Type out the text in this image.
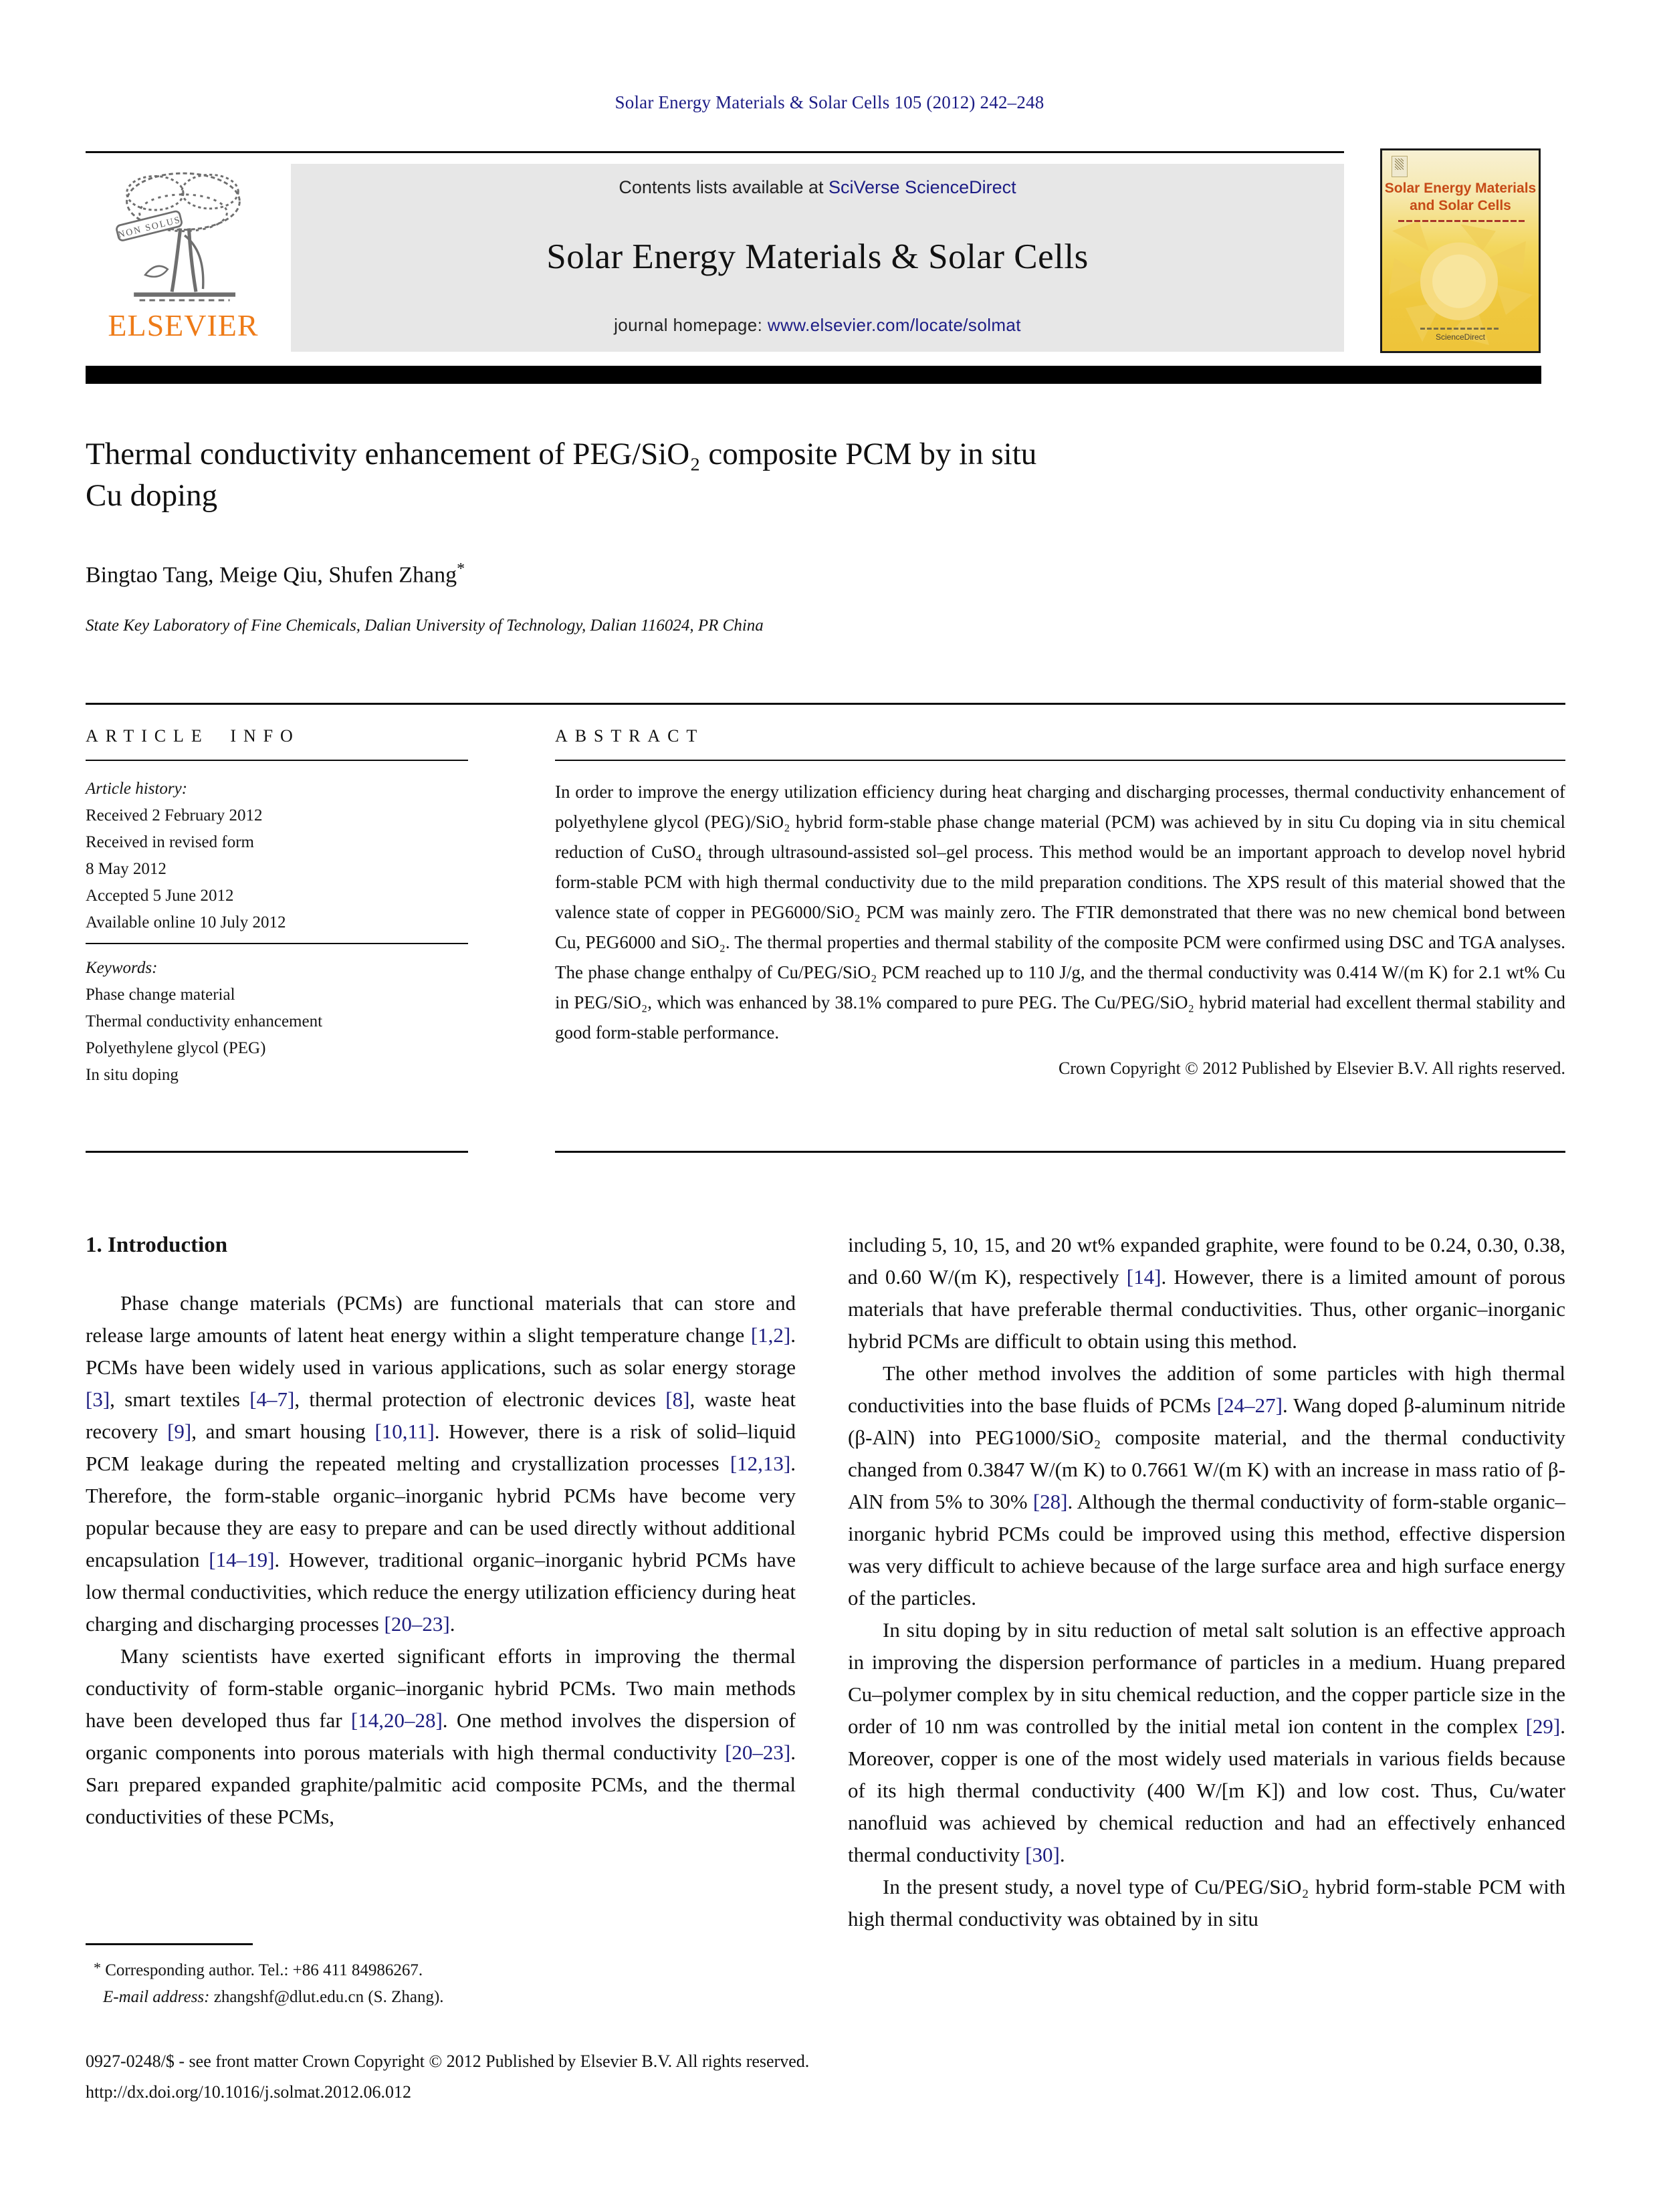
Solar Energy Materials & Solar Cells 105 (2012) 242–248
NON SOLUS
ELSEVIER
Contents lists available at SciVerse ScienceDirect
Solar Energy Materials & Solar Cells
journal homepage: www.elsevier.com/locate/solmat
Solar Energy Materials
and Solar Cells
ScienceDirect
Thermal conductivity enhancement of PEG/SiO₂ composite PCM by in situ
Cu doping
Bingtao Tang, Meige Qiu, Shufen Zhang*
State Key Laboratory of Fine Chemicals, Dalian University of Technology, Dalian 116024, PR China
ARTICLE INFO
Article history:
Received 2 February 2012
Received in revised form
8 May 2012
Accepted 5 June 2012
Available online 10 July 2012
Keywords:
Phase change material
Thermal conductivity enhancement
Polyethylene glycol (PEG)
In situ doping
ABSTRACT
In order to improve the energy utilization efficiency during heat charging and discharging processes, thermal conductivity enhancement of polyethylene glycol (PEG)/SiO₂ hybrid form-stable phase change material (PCM) was achieved by in situ Cu doping via in situ chemical reduction of CuSO₄ through ultrasound-assisted sol–gel process. This method would be an important approach to develop novel hybrid form-stable PCM with high thermal conductivity due to the mild preparation conditions. The XPS result of this material showed that the valence state of copper in PEG6000/SiO₂ PCM was mainly zero. The FTIR demonstrated that there was no new chemical bond between Cu, PEG6000 and SiO₂. The thermal properties and thermal stability of the composite PCM were confirmed using DSC and TGA analyses. The phase change enthalpy of Cu/PEG/SiO₂ PCM reached up to 110 J/g, and the thermal conductivity was 0.414 W/(m K) for 2.1 wt% Cu in PEG/SiO₂, which was enhanced by 38.1% compared to pure PEG. The Cu/PEG/SiO₂ hybrid material had excellent thermal stability and good form-stable performance.
Crown Copyright © 2012 Published by Elsevier B.V. All rights reserved.
1. Introduction

Phase change materials (PCMs) are functional materials that can store and release large amounts of latent heat energy within a slight temperature change [1,2]. PCMs have been widely used in various applications, such as solar energy storage [3], smart textiles [4–7], thermal protection of electronic devices [8], waste heat recovery [9], and smart housing [10,11]. However, there is a risk of solid–liquid PCM leakage during the repeated melting and crystallization processes [12,13]. Therefore, the form-stable organic–inorganic hybrid PCMs have become very popular because they are easy to prepare and can be used directly without additional encapsulation [14–19]. However, traditional organic–inorganic hybrid PCMs have low thermal conductivities, which reduce the energy utilization efficiency during heat charging and discharging processes [20–23].

Many scientists have exerted significant efforts in improving the thermal conductivity of form-stable organic–inorganic hybrid PCMs. Two main methods have been developed thus far [14,20–28]. One method involves the dispersion of organic components into porous materials with high thermal conductivity [20–23]. Sarı prepared expanded graphite/palmitic acid composite PCMs, and the thermal conductivities of these PCMs,

including 5, 10, 15, and 20 wt% expanded graphite, were found to be 0.24, 0.30, 0.38, and 0.60 W/(m K), respectively [14]. However, there is a limited amount of porous materials that have preferable thermal conductivities. Thus, other organic–inorganic hybrid PCMs are difficult to obtain using this method.

The other method involves the addition of some particles with high thermal conductivities into the base fluids of PCMs [24–27]. Wang doped β-aluminum nitride (β-AlN) into PEG1000/SiO₂ composite material, and the thermal conductivity changed from 0.3847 W/(m K) to 0.7661 W/(m K) with an increase in mass ratio of β-AlN from 5% to 30% [28]. Although the thermal conductivity of form-stable organic–inorganic hybrid PCMs could be improved using this method, effective dispersion was very difficult to achieve because of the large surface area and high surface energy of the particles.

In situ doping by in situ reduction of metal salt solution is an effective approach in improving the dispersion performance of particles in a medium. Huang prepared Cu–polymer complex by in situ chemical reduction, and the copper particle size in the order of 10 nm was controlled by the initial metal ion content in the complex [29]. Moreover, copper is one of the most widely used materials in various fields because of its high thermal conductivity (400 W/[m K]) and low cost. Thus, Cu/water nanofluid was achieved by chemical reduction and had an effectively enhanced thermal conductivity [30].

In the present study, a novel type of Cu/PEG/SiO₂ hybrid form-stable PCM with high thermal conductivity was obtained by in situ

* Corresponding author. Tel.: +86 411 84986267.
E-mail address: zhangshf@dlut.edu.cn (S. Zhang).
0927-0248/$ - see front matter Crown Copyright © 2012 Published by Elsevier B.V. All rights reserved.
http://dx.doi.org/10.1016/j.solmat.2012.06.012
